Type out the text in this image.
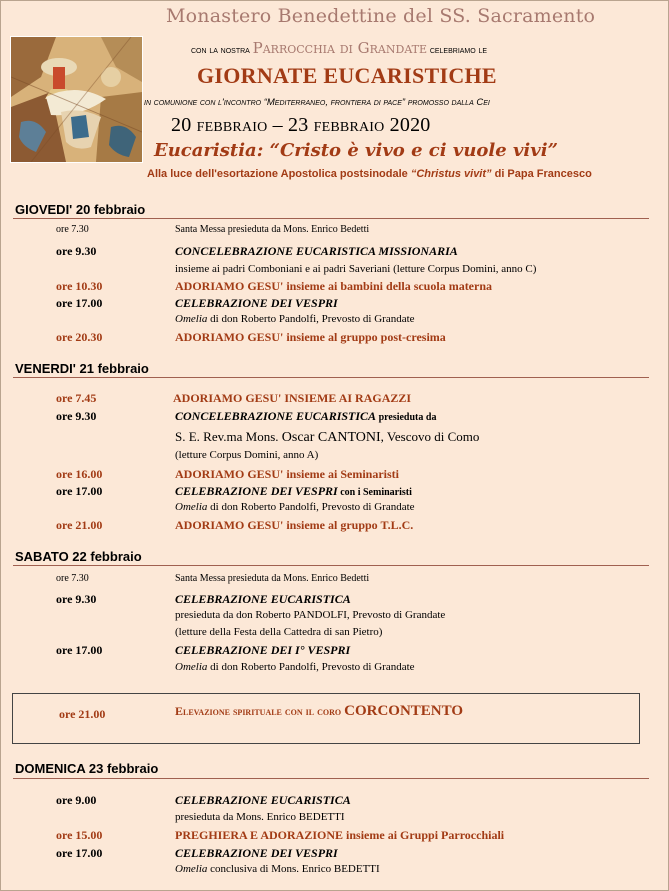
Monastero Benedettine del SS. Sacramento
con la nostra Parrocchia di Grandate celebriamo le
GIORNATE EUCARISTICHE
in comunione con l'incontro “Mediterraneo, frontiera di pace” promosso dalla Cei
20 febbraio – 23 febbraio 2020
Eucaristia: “Cristo è vivo e ci vuole vivi”
Alla luce dell'esortazione Apostolica postsinodale “Christus vivit” di Papa Francesco
GIOVEDI' 20 febbraio
ore 7.30	Santa Messa presieduta da Mons. Enrico Bedetti
ore 9.30	CONCELEBRAZIONE EUCARISTICA MISSIONARIA
insieme ai padri Comboniani e ai padri Saveriani (letture Corpus Domini, anno C)
ore 10.30	ADORIAMO GESU' insieme ai bambini della scuola materna
ore 17.00	CELEBRAZIONE DEI VESPRI
Omelia di don Roberto Pandolfi, Prevosto di Grandate
ore 20.30	ADORIAMO GESU' insieme al gruppo post-cresima
VENERDI' 21 febbraio
ore 7.45	ADORIAMO GESU' INSIEME AI RAGAZZI
ore 9.30	CONCELEBRAZIONE EUCARISTICA presieduta da
S. E. Rev.ma Mons. Oscar CANTONI, Vescovo di Como
(letture Corpus Domini, anno A)
ore 16.00	ADORIAMO GESU' insieme ai Seminaristi
ore 17.00	CELEBRAZIONE DEI VESPRI con i Seminaristi
Omelia di don Roberto Pandolfi, Prevosto di Grandate
ore 21.00	ADORIAMO GESU' insieme al gruppo T.L.C.
SABATO 22 febbraio
ore 7.30	Santa Messa presieduta da Mons. Enrico Bedetti
ore 9.30	CELEBRAZIONE EUCARISTICA
presieduta da don Roberto PANDOLFI, Prevosto di Grandate
(letture della Festa della Cattedra di san Pietro)
ore 17.00	CELEBRAZIONE DEI I° VESPRI
Omelia di don Roberto Pandolfi, Prevosto di Grandate
ore 21.00	Elevazione spirituale con il coro CORCONTENTO
DOMENICA 23 febbraio
ore 9.00	CELEBRAZIONE EUCARISTICA
presieduta da Mons. Enrico BEDETTI
ore 15.00	PREGHIERA E ADORAZIONE insieme ai Gruppi Parrocchiali
ore 17.00	CELEBRAZIONE DEI VESPRI
Omelia conclusiva di Mons. Enrico BEDETTI
